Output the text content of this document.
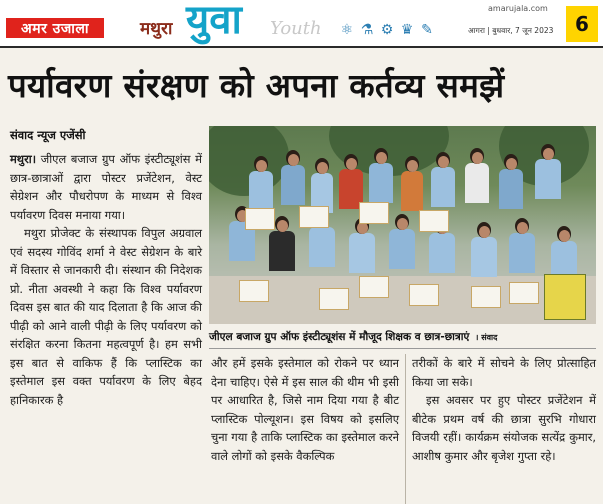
अमर उजाला	मथुरा युवा Youth ⚛ ⚗ ⚙ ♛ ✎
amarujala.com
आगरा | बुधवार, 7 जून 2023	6
पर्यावरण संरक्षण को अपना कर्तव्य समझें
संवाद न्यूज एजेंसी
जीएल बजाज ग्रुप ऑफ इंस्टीट्यूशंस में मौजूद शिक्षक व छात्र-छात्राएं । संवाद

मथुरा। जीएल बजाज ग्रुप ऑफ इंस्टीट्यूशंस में छात्र-छात्राओं द्वारा पोस्टर प्रजेंटेशन, वेस्ट सेग्रेशन और पौधरोपण के माध्यम से विश्व पर्यावरण दिवस मनाया गया।

मथुरा प्रोजेक्ट के संस्थापक विपुल अग्रवाल एवं सदस्य गोविंद शर्मा ने वेस्ट सेग्रेशन के बारे में विस्तार से जानकारी दी। संस्थान की निदेशक प्रो. नीता अवस्थी ने कहा कि विश्व पर्यावरण दिवस इस बात की याद दिलाता है कि आज की पीढ़ी को आने वाली पीढ़ी के लिए पर्यावरण को संरक्षित करना कितना महत्वपूर्ण है। हम सभी इस बात से वाकिफ हैं कि प्लास्टिक का इस्तेमाल इस वक्त पर्यावरण के लिए बेहद हानिकारक है

और हमें इसके इस्तेमाल को रोकने पर ध्यान देना चाहिए। ऐसे में इस साल की थीम भी इसी पर आधारित है, जिसे नाम दिया गया है बीट प्लास्टिक पोल्यूशन। इस विषय को इसलिए चुना गया है ताकि प्लास्टिक का इस्तेमाल करने वाले लोगों को इसके वैकल्पिक

तरीकों के बारे में सोचने के लिए प्रोत्साहित किया जा सके।

इस अवसर पर हुए पोस्टर प्रजेंटेशन में बीटेक प्रथम वर्ष की छात्रा सुरभि गोधारा विजयी रहीं। कार्यक्रम संयोजक सत्येंद्र कुमार, आशीष कुमार और बृजेश गुप्ता रहे।
